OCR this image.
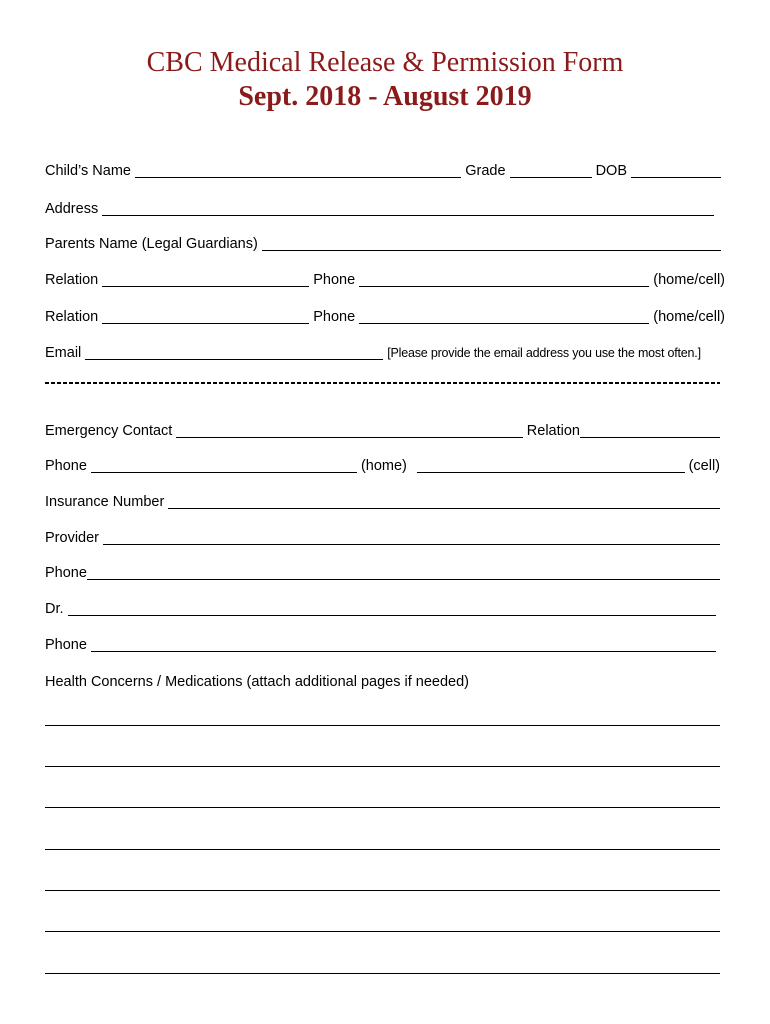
CBC Medical Release & Permission Form
Sept. 2018 - August 2019
Child’s Name	Grade	DOB
Address
Parents Name (Legal Guardians)
Relation	Phone	(home/cell)
Relation	Phone	(home/cell)
Email	[Please provide the email address you use the most often.]
Emergency Contact	Relation
Phone	(home)	(cell)
Insurance Number
Provider
Phone
Dr.
Phone
Health Concerns / Medications (attach additional pages if needed)
